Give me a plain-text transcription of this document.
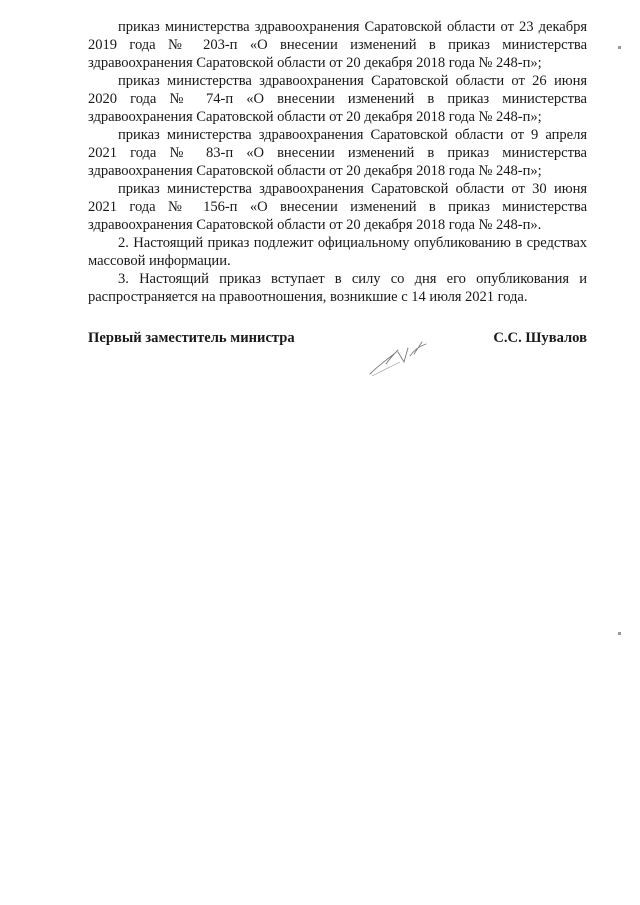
приказ министерства здравоохранения Саратовской области от 23 декабря 2019 года № 203-п «О внесении изменений в приказ министерства здравоохранения Саратовской области от 20 декабря 2018 года № 248-п»;

приказ министерства здравоохранения Саратовской области от 26 июня 2020 года № 74-п «О внесении изменений в приказ министерства здравоохранения Саратовской области от 20 декабря 2018 года № 248-п»;

приказ министерства здравоохранения Саратовской области от 9 апреля 2021 года № 83-п «О внесении изменений в приказ министерства здравоохранения Саратовской области от 20 декабря 2018 года № 248-п»;

приказ министерства здравоохранения Саратовской области от 30 июня 2021 года № 156-п «О внесении изменений в приказ министерства здравоохранения Саратовской области от 20 декабря 2018 года № 248-п».

2. Настоящий приказ подлежит официальному опубликованию в средствах массовой информации.

3. Настоящий приказ вступает в силу со дня его опубликования и распространяется на правоотношения, возникшие с 14 июля 2021 года.

Первый заместитель министра	С.С. Шувалов
